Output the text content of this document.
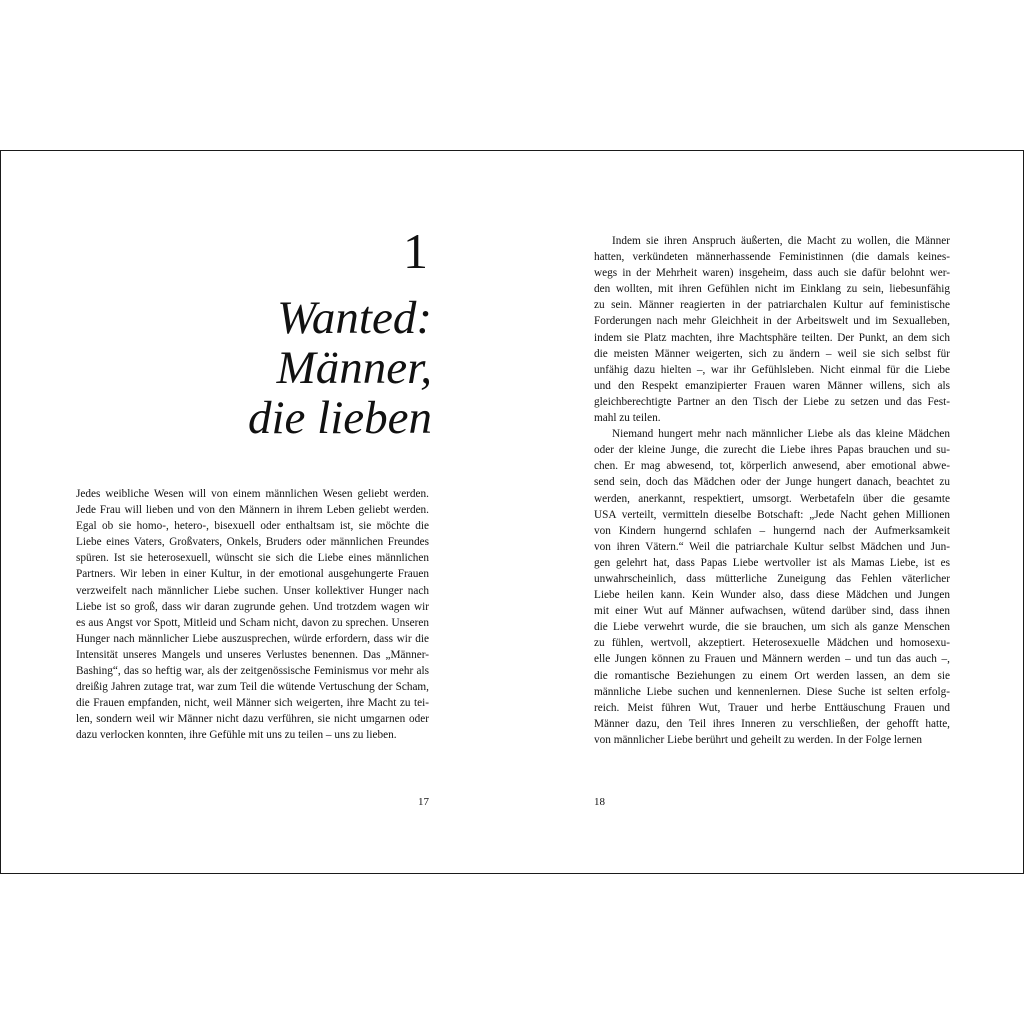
1
Wanted:
Männer,
die lieben
Jedes weibliche Wesen will von einem männlichen Wesen geliebt werden.
Jede Frau will lieben und von den Männern in ihrem Leben geliebt werden.
Egal ob sie homo-, hetero-, bisexuell oder enthaltsam ist, sie möchte die
Liebe eines Vaters, Großvaters, Onkels, Bruders oder männlichen Freundes
spüren. Ist sie heterosexuell, wünscht sie sich die Liebe eines männlichen
Partners. Wir leben in einer Kultur, in der emotional ausgehungerte Frauen
verzweifelt nach männlicher Liebe suchen. Unser kollektiver Hunger nach
Liebe ist so groß, dass wir daran zugrunde gehen. Und trotzdem wagen wir
es aus Angst vor Spott, Mitleid und Scham nicht, davon zu sprechen. Unseren
Hunger nach männlicher Liebe auszusprechen, würde erfordern, dass wir die
Intensität unseres Mangels und unseres Verlustes benennen. Das „Männer-
Bashing“, das so heftig war, als der zeitgenössische Feminismus vor mehr als
dreißig Jahren zutage trat, war zum Teil die wütende Vertuschung der Scham,
die Frauen empfanden, nicht, weil Männer sich weigerten, ihre Macht zu tei-
len, sondern weil wir Männer nicht dazu verführen, sie nicht umgarnen oder
dazu verlocken konnten, ihre Gefühle mit uns zu teilen – uns zu lieben.
17
Indem sie ihren Anspruch äußerten, die Macht zu wollen, die Männer
hatten, verkündeten männerhassende Feministinnen (die damals keines-
wegs in der Mehrheit waren) insgeheim, dass auch sie dafür belohnt wer-
den wollten, mit ihren Gefühlen nicht im Einklang zu sein, liebesunfähig
zu sein. Männer reagierten in der patriarchalen Kultur auf feministische
Forderungen nach mehr Gleichheit in der Arbeitswelt und im Sexualleben,
indem sie Platz machten, ihre Machtsphäre teilten. Der Punkt, an dem sich
die meisten Männer weigerten, sich zu ändern – weil sie sich selbst für
unfähig dazu hielten –, war ihr Gefühlsleben. Nicht einmal für die Liebe
und den Respekt emanzipierter Frauen waren Männer willens, sich als
gleichberechtigte Partner an den Tisch der Liebe zu setzen und das Fest-
mahl zu teilen.
Niemand hungert mehr nach männlicher Liebe als das kleine Mädchen
oder der kleine Junge, die zurecht die Liebe ihres Papas brauchen und su-
chen. Er mag abwesend, tot, körperlich anwesend, aber emotional abwe-
send sein, doch das Mädchen oder der Junge hungert danach, beachtet zu
werden, anerkannt, respektiert, umsorgt. Werbetafeln über die gesamte
USA verteilt, vermitteln dieselbe Botschaft: „Jede Nacht gehen Millionen
von Kindern hungernd schlafen – hungernd nach der Aufmerksamkeit
von ihren Vätern.“ Weil die patriarchale Kultur selbst Mädchen und Jun-
gen gelehrt hat, dass Papas Liebe wertvoller ist als Mamas Liebe, ist es
unwahrscheinlich, dass mütterliche Zuneigung das Fehlen väterlicher
Liebe heilen kann. Kein Wunder also, dass diese Mädchen und Jungen
mit einer Wut auf Männer aufwachsen, wütend darüber sind, dass ihnen
die Liebe verwehrt wurde, die sie brauchen, um sich als ganze Menschen
zu fühlen, wertvoll, akzeptiert. Heterosexuelle Mädchen und homosexu-
elle Jungen können zu Frauen und Männern werden – und tun das auch –,
die romantische Beziehungen zu einem Ort werden lassen, an dem sie
männliche Liebe suchen und kennenlernen. Diese Suche ist selten erfolg-
reich. Meist führen Wut, Trauer und herbe Enttäuschung Frauen und
Männer dazu, den Teil ihres Inneren zu verschließen, der gehofft hatte,
von männlicher Liebe berührt und geheilt zu werden. In der Folge lernen
18
